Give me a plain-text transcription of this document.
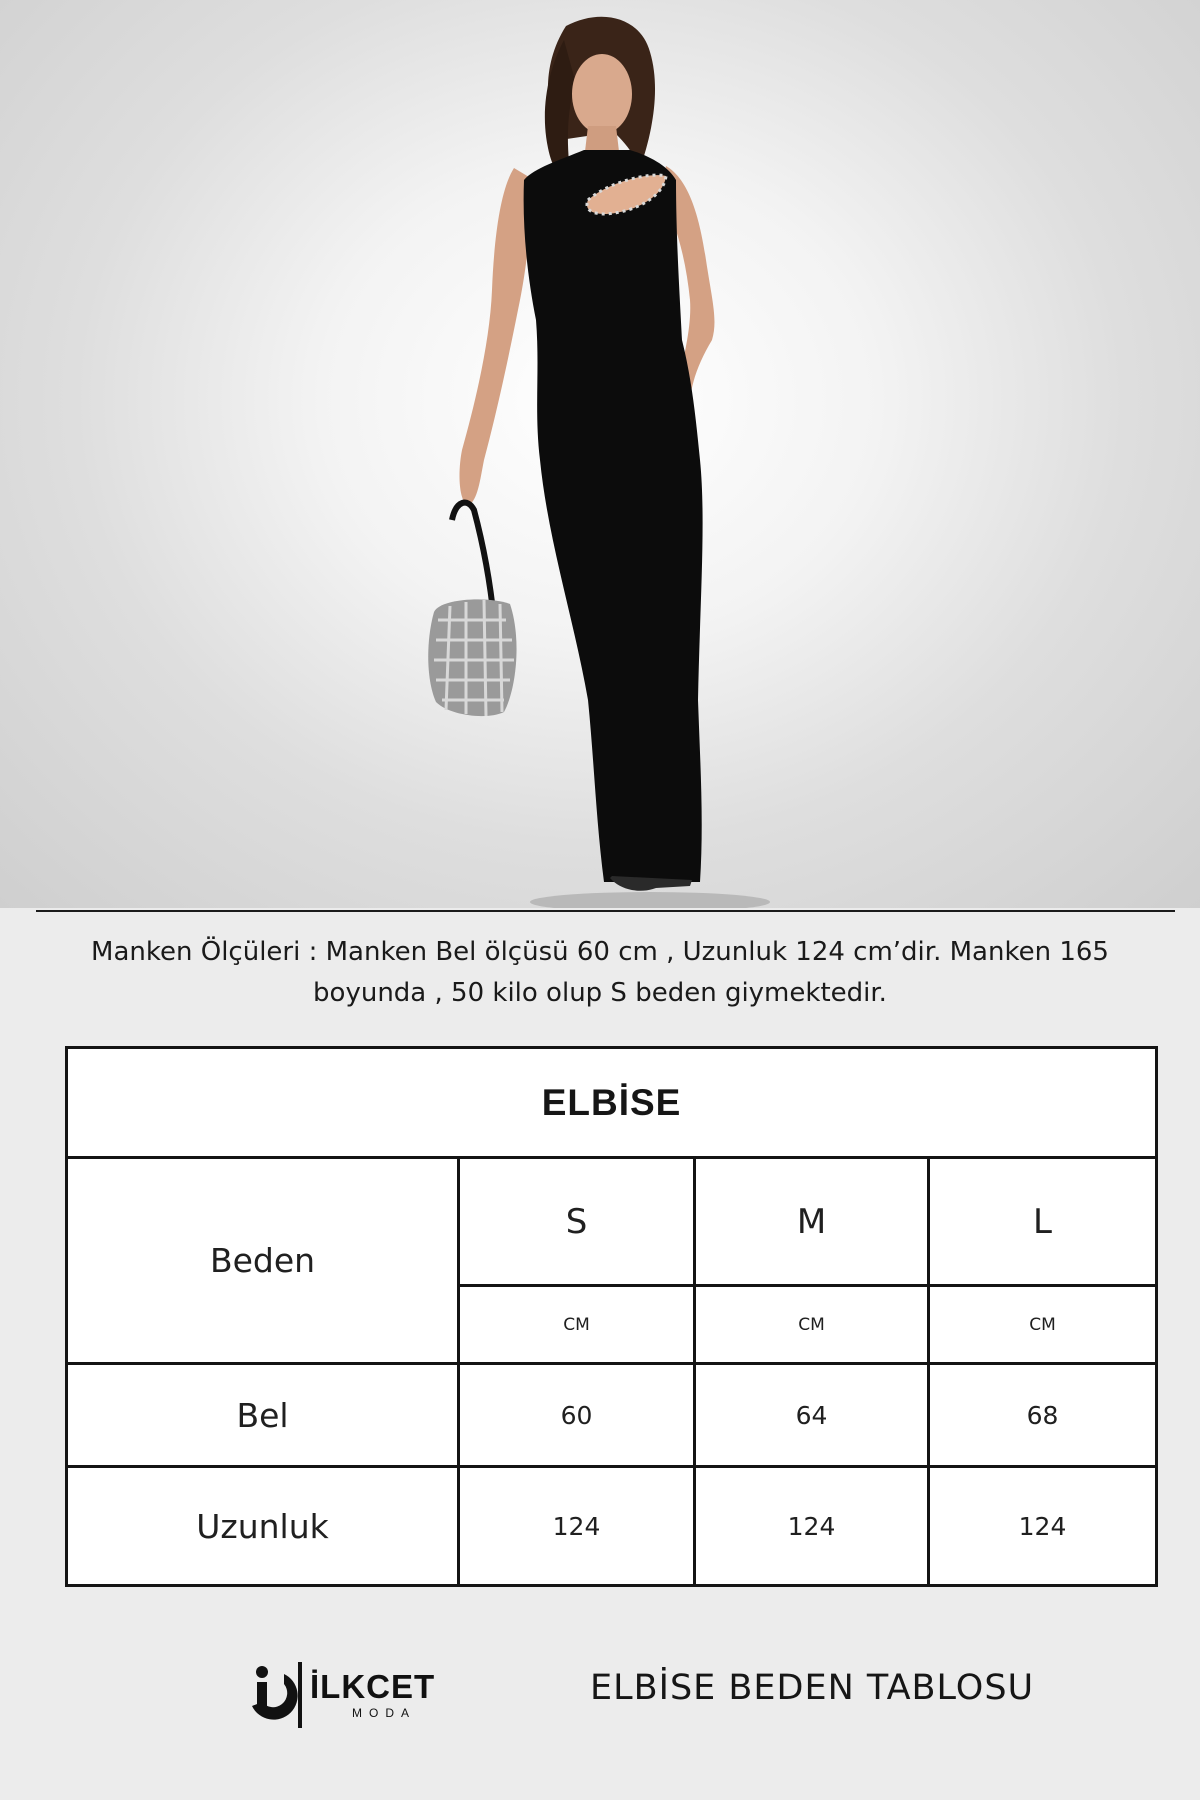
Manken Ölçüleri : Manken Bel ölçüsü 60 cm , Uzunluk 124 cm’dir. Manken 165
boyunda , 50 kilo olup S beden giymektedir.
ELBİSE			
Beden	S	M	L
	CM	CM	CM
Bel	60	64	68
Uzunluk	124	124	124
İLKCET
MODA
ELBİSE BEDEN TABLOSU
